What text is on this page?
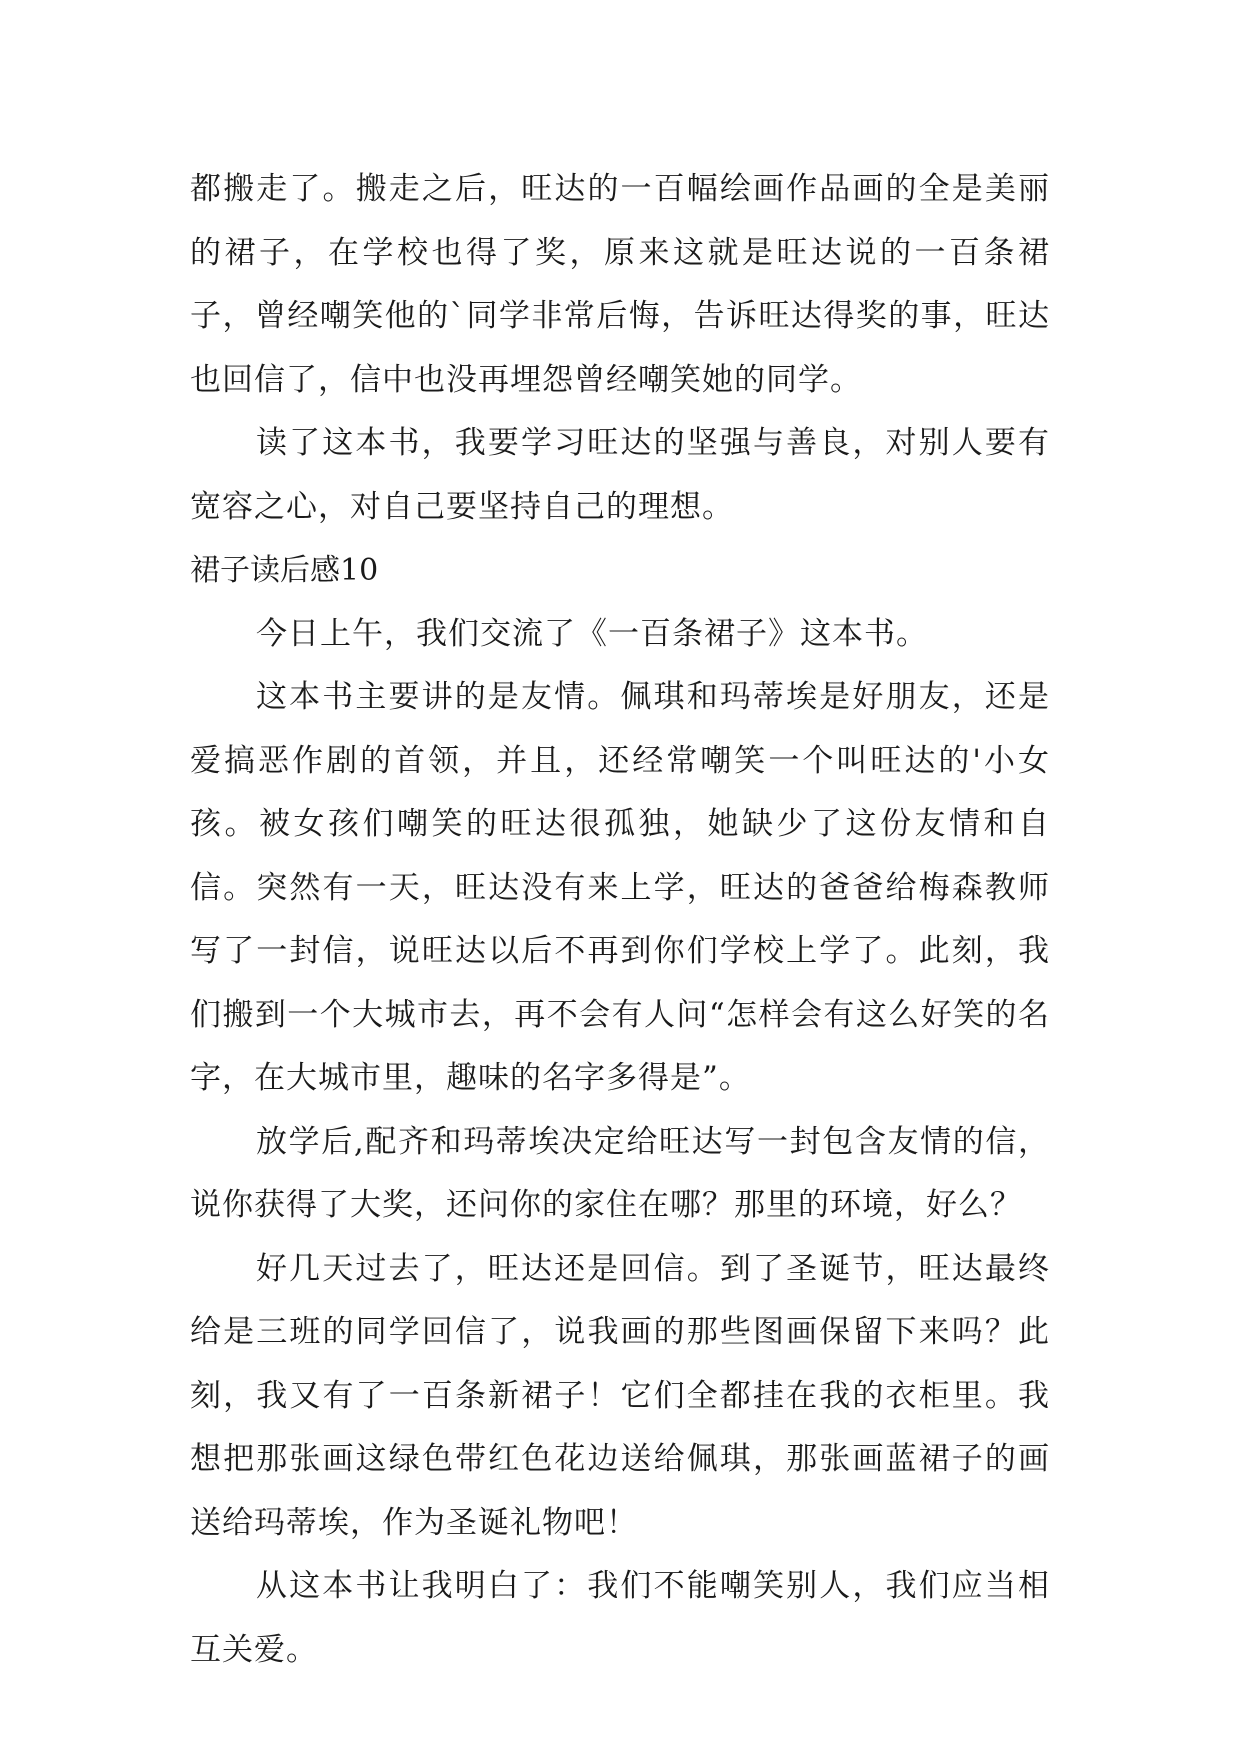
都搬走了。搬走之后，旺达的一百幅绘画作品画的全是美丽的裙子，在学校也得了奖，原来这就是旺达说的一百条裙子，曾经嘲笑他的`同学非常后悔，告诉旺达得奖的事，旺达也回信了，信中也没再埋怨曾经嘲笑她的同学。

读了这本书，我要学习旺达的坚强与善良，对别人要有宽容之心，对自己要坚持自己的理想。

裙子读后感10

今日上午，我们交流了《一百条裙子》这本书。

这本书主要讲的是友情。佩琪和玛蒂埃是好朋友，还是爱搞恶作剧的首领，并且，还经常嘲笑一个叫旺达的'小女孩。被女孩们嘲笑的旺达很孤独，她缺少了这份友情和自信。突然有一天，旺达没有来上学，旺达的爸爸给梅森教师写了一封信，说旺达以后不再到你们学校上学了。此刻，我们搬到一个大城市去，再不会有人问“怎样会有这么好笑的名字，在大城市里，趣味的名字多得是”。

放学后,配齐和玛蒂埃决定给旺达写一封包含友情的信，说你获得了大奖，还问你的家住在哪？那里的环境，好么？

好几天过去了，旺达还是回信。到了圣诞节，旺达最终给是三班的同学回信了，说我画的那些图画保留下来吗？此刻，我又有了一百条新裙子！它们全都挂在我的衣柜里。我想把那张画这绿色带红色花边送给佩琪，那张画蓝裙子的画送给玛蒂埃，作为圣诞礼物吧！

从这本书让我明白了：我们不能嘲笑别人，我们应当相互关爱。
